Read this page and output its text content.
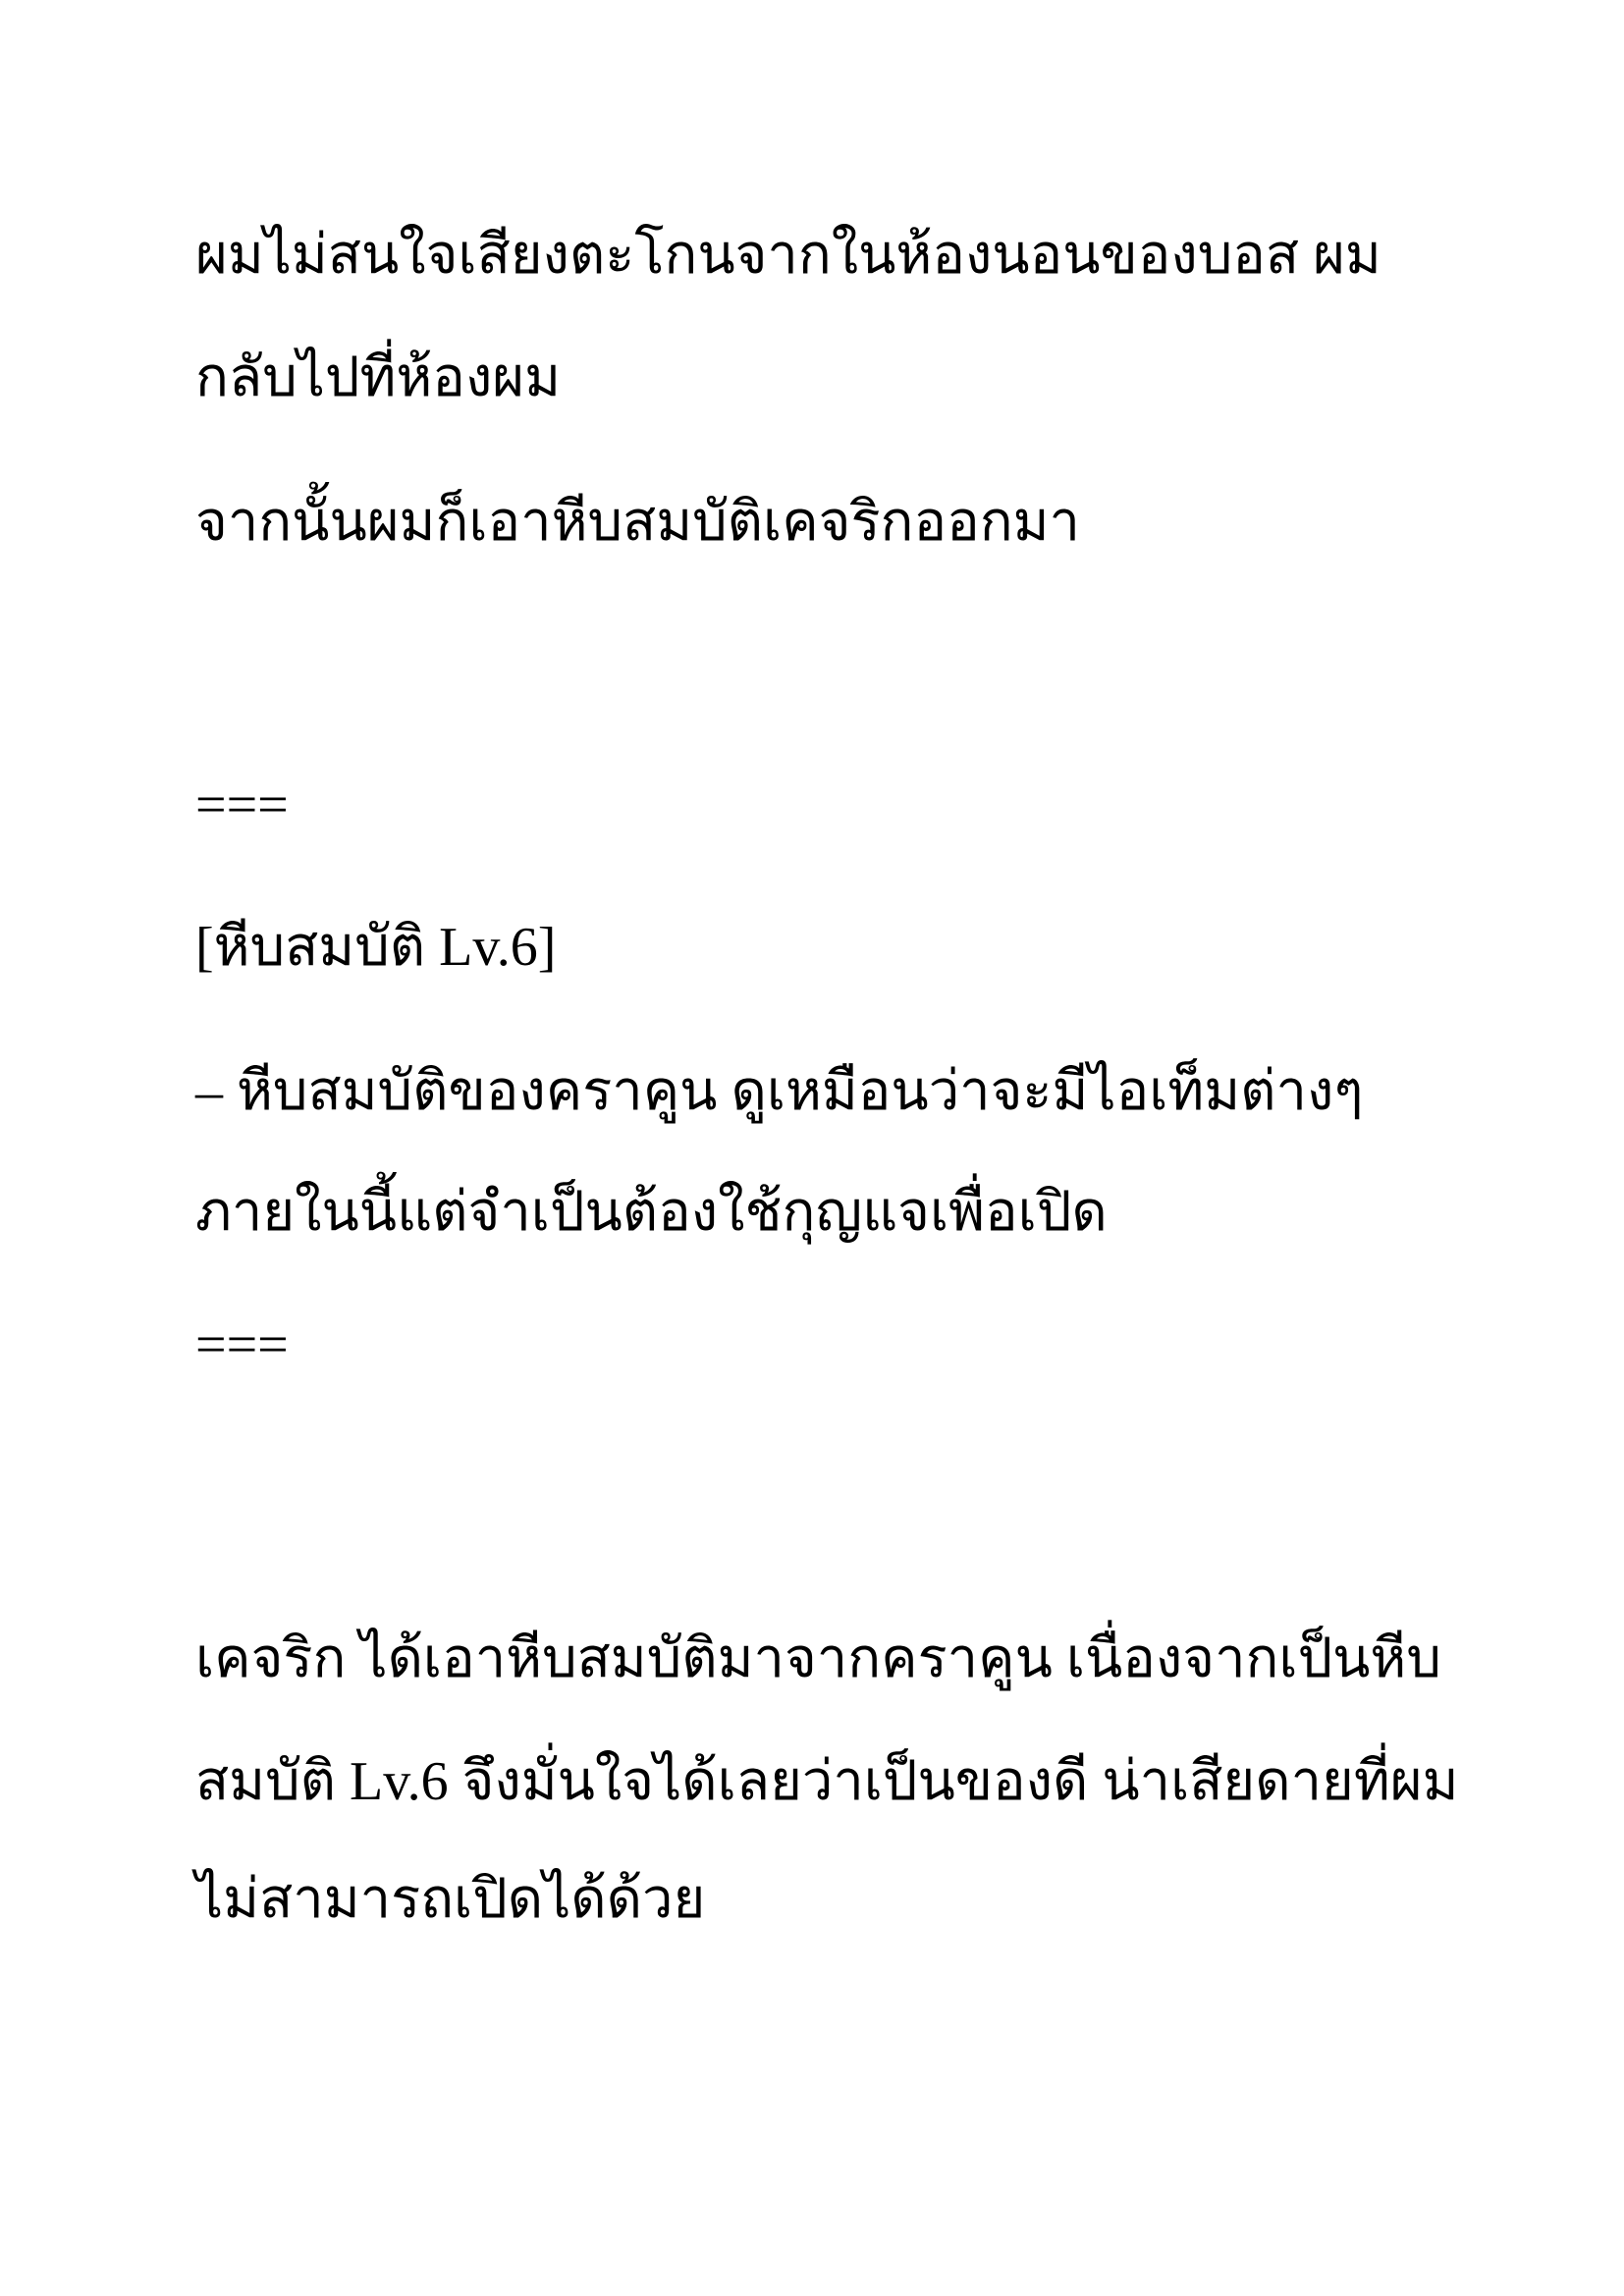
ผมไม่สนใจเสียงตะโกนจากในห้องนอนของบอส ผม

กลับไปที่ห้องผม

จากนั้นผมก็เอาหีบสมบัติเคจริกออกมา

===

[หีบสมบัติ Lv.6]

– หีบสมบัติของคราคูน ดูเหมือนว่าจะมีไอเท็มต่างๆ

ภายในนี้แต่จำเป็นต้องใช้กุญแจเพื่อเปิด

===

เคจริก ได้เอาหีบสมบัติมาจากคราคูน เนื่องจากเป็นหีบ

สมบัติ Lv.6 จึงมั่นใจได้เลยว่าเป็นของดี น่าเสียดายที่ผม

ไม่สามารถเปิดได้ด้วย
